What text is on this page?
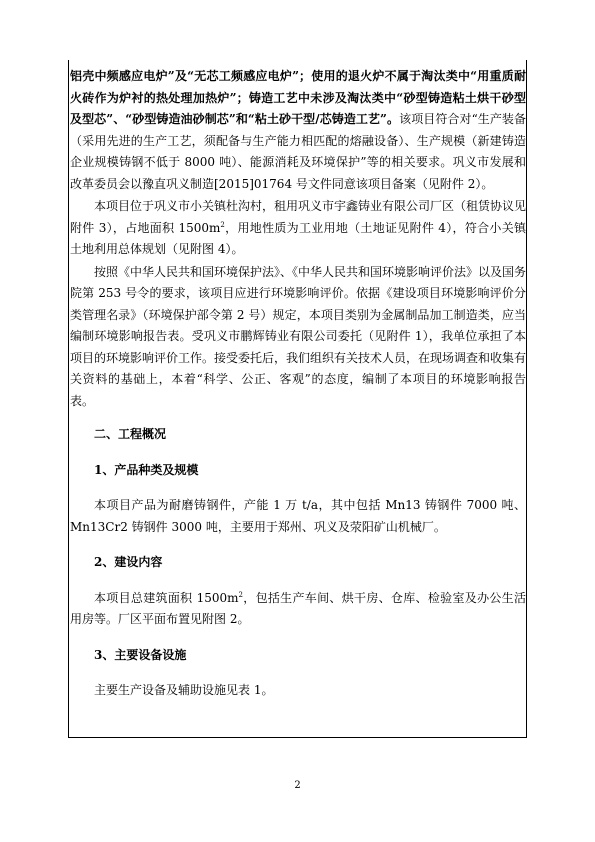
铝壳中频感应电炉”及“无芯工频感应电炉”；使用的退火炉不属于淘汰类中“用重质耐火砖作为炉衬的热处理加热炉”；铸造工艺中未涉及淘汰类中“砂型铸造粘土烘干砂型及型芯”、“砂型铸造油砂制芯”和“粘土砂干型/芯铸造工艺”。该项目符合对“生产装备（采用先进的生产工艺，须配备与生产能力相匹配的熔融设备）、生产规模（新建铸造企业规模铸钢不低于 8000 吨）、能源消耗及环境保护”等的相关要求。巩义市发展和改革委员会以豫直巩义制造[2015]01764 号文件同意该项目备案（见附件 2）。

本项目位于巩义市小关镇杜沟村，租用巩义市宇鑫铸业有限公司厂区（租赁协议见附件 3），占地面积 $1500m^2$，用地性质为工业用地（土地证见附件 4），符合小关镇土地利用总体规划（见附图 4）。

按照《中华人民共和国环境保护法》、《中华人民共和国环境影响评价法》以及国务院第 253 号令的要求，该项目应进行环境影响评价。依据《建设项目环境影响评价分类管理名录》（环境保护部令第 2 号）规定，本项目类别为金属制品加工制造类，应当编制环境影响报告表。受巩义市鹏辉铸业有限公司委托（见附件 1），我单位承担了本项目的环境影响评价工作。接受委托后，我们组织有关技术人员，在现场调查和收集有关资料的基础上，本着“科学、公正、客观”的态度，编制了本项目的环境影响报告表。

二、工程概况

1、产品种类及规模

本项目产品为耐磨铸钢件，产能 1 万 t/a，其中包括 Mn13 铸钢件 7000 吨、Mn13Cr2 铸钢件 3000 吨，主要用于郑州、巩义及荥阳矿山机械厂。

2、建设内容

本项目总建筑面积 $1500m^2$，包括生产车间、烘干房、仓库、检验室及办公生活用房等。厂区平面布置见附图 2。

3、主要设备设施

主要生产设备及辅助设施见表 1。

2
